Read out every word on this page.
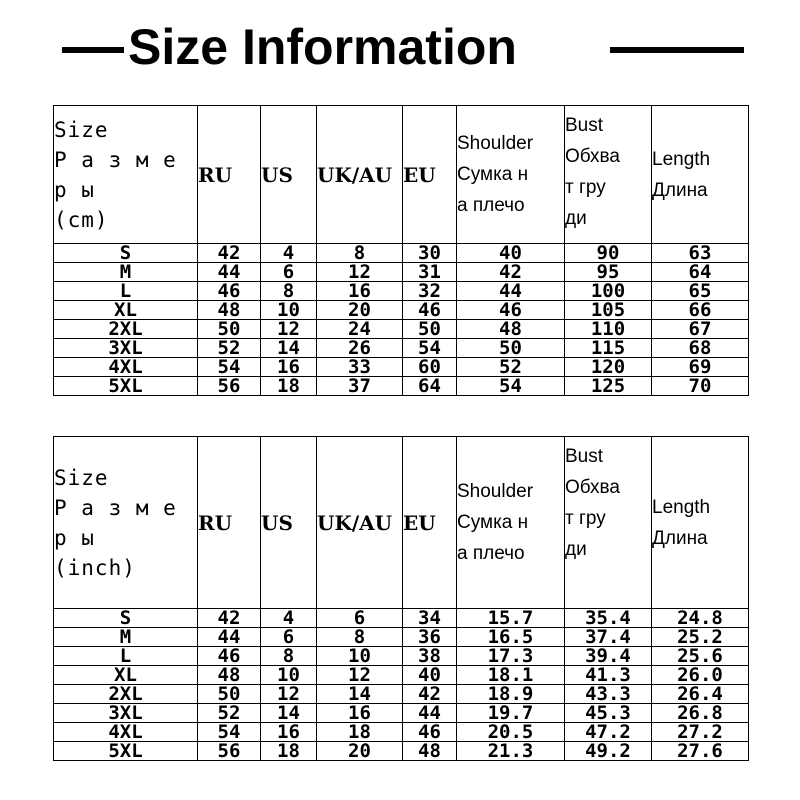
Size Information
Size
Р а з м е
р ы
(cm)	RU	US	UK/AU	EU	Shoulder
Сумка н
а плечо	Bust
Обхва
т гру
ди	Length
Длина
S	42	4	8	30	40	90	63
M	44	6	12	31	42	95	64
L	46	8	16	32	44	100	65
XL	48	10	20	46	46	105	66
2XL	50	12	24	50	48	110	67
3XL	52	14	26	54	50	115	68
4XL	54	16	33	60	52	120	69
5XL	56	18	37	64	54	125	70
Size
Р а з м е
р ы
(inch)	RU	US	UK/AU	EU	Shoulder
Сумка н
а плечо	Bust
Обхва
т гру
ди	Length
Длина
S	42	4	6	34	15.7	35.4	24.8
M	44	6	8	36	16.5	37.4	25.2
L	46	8	10	38	17.3	39.4	25.6
XL	48	10	12	40	18.1	41.3	26.0
2XL	50	12	14	42	18.9	43.3	26.4
3XL	52	14	16	44	19.7	45.3	26.8
4XL	54	16	18	46	20.5	47.2	27.2
5XL	56	18	20	48	21.3	49.2	27.6
